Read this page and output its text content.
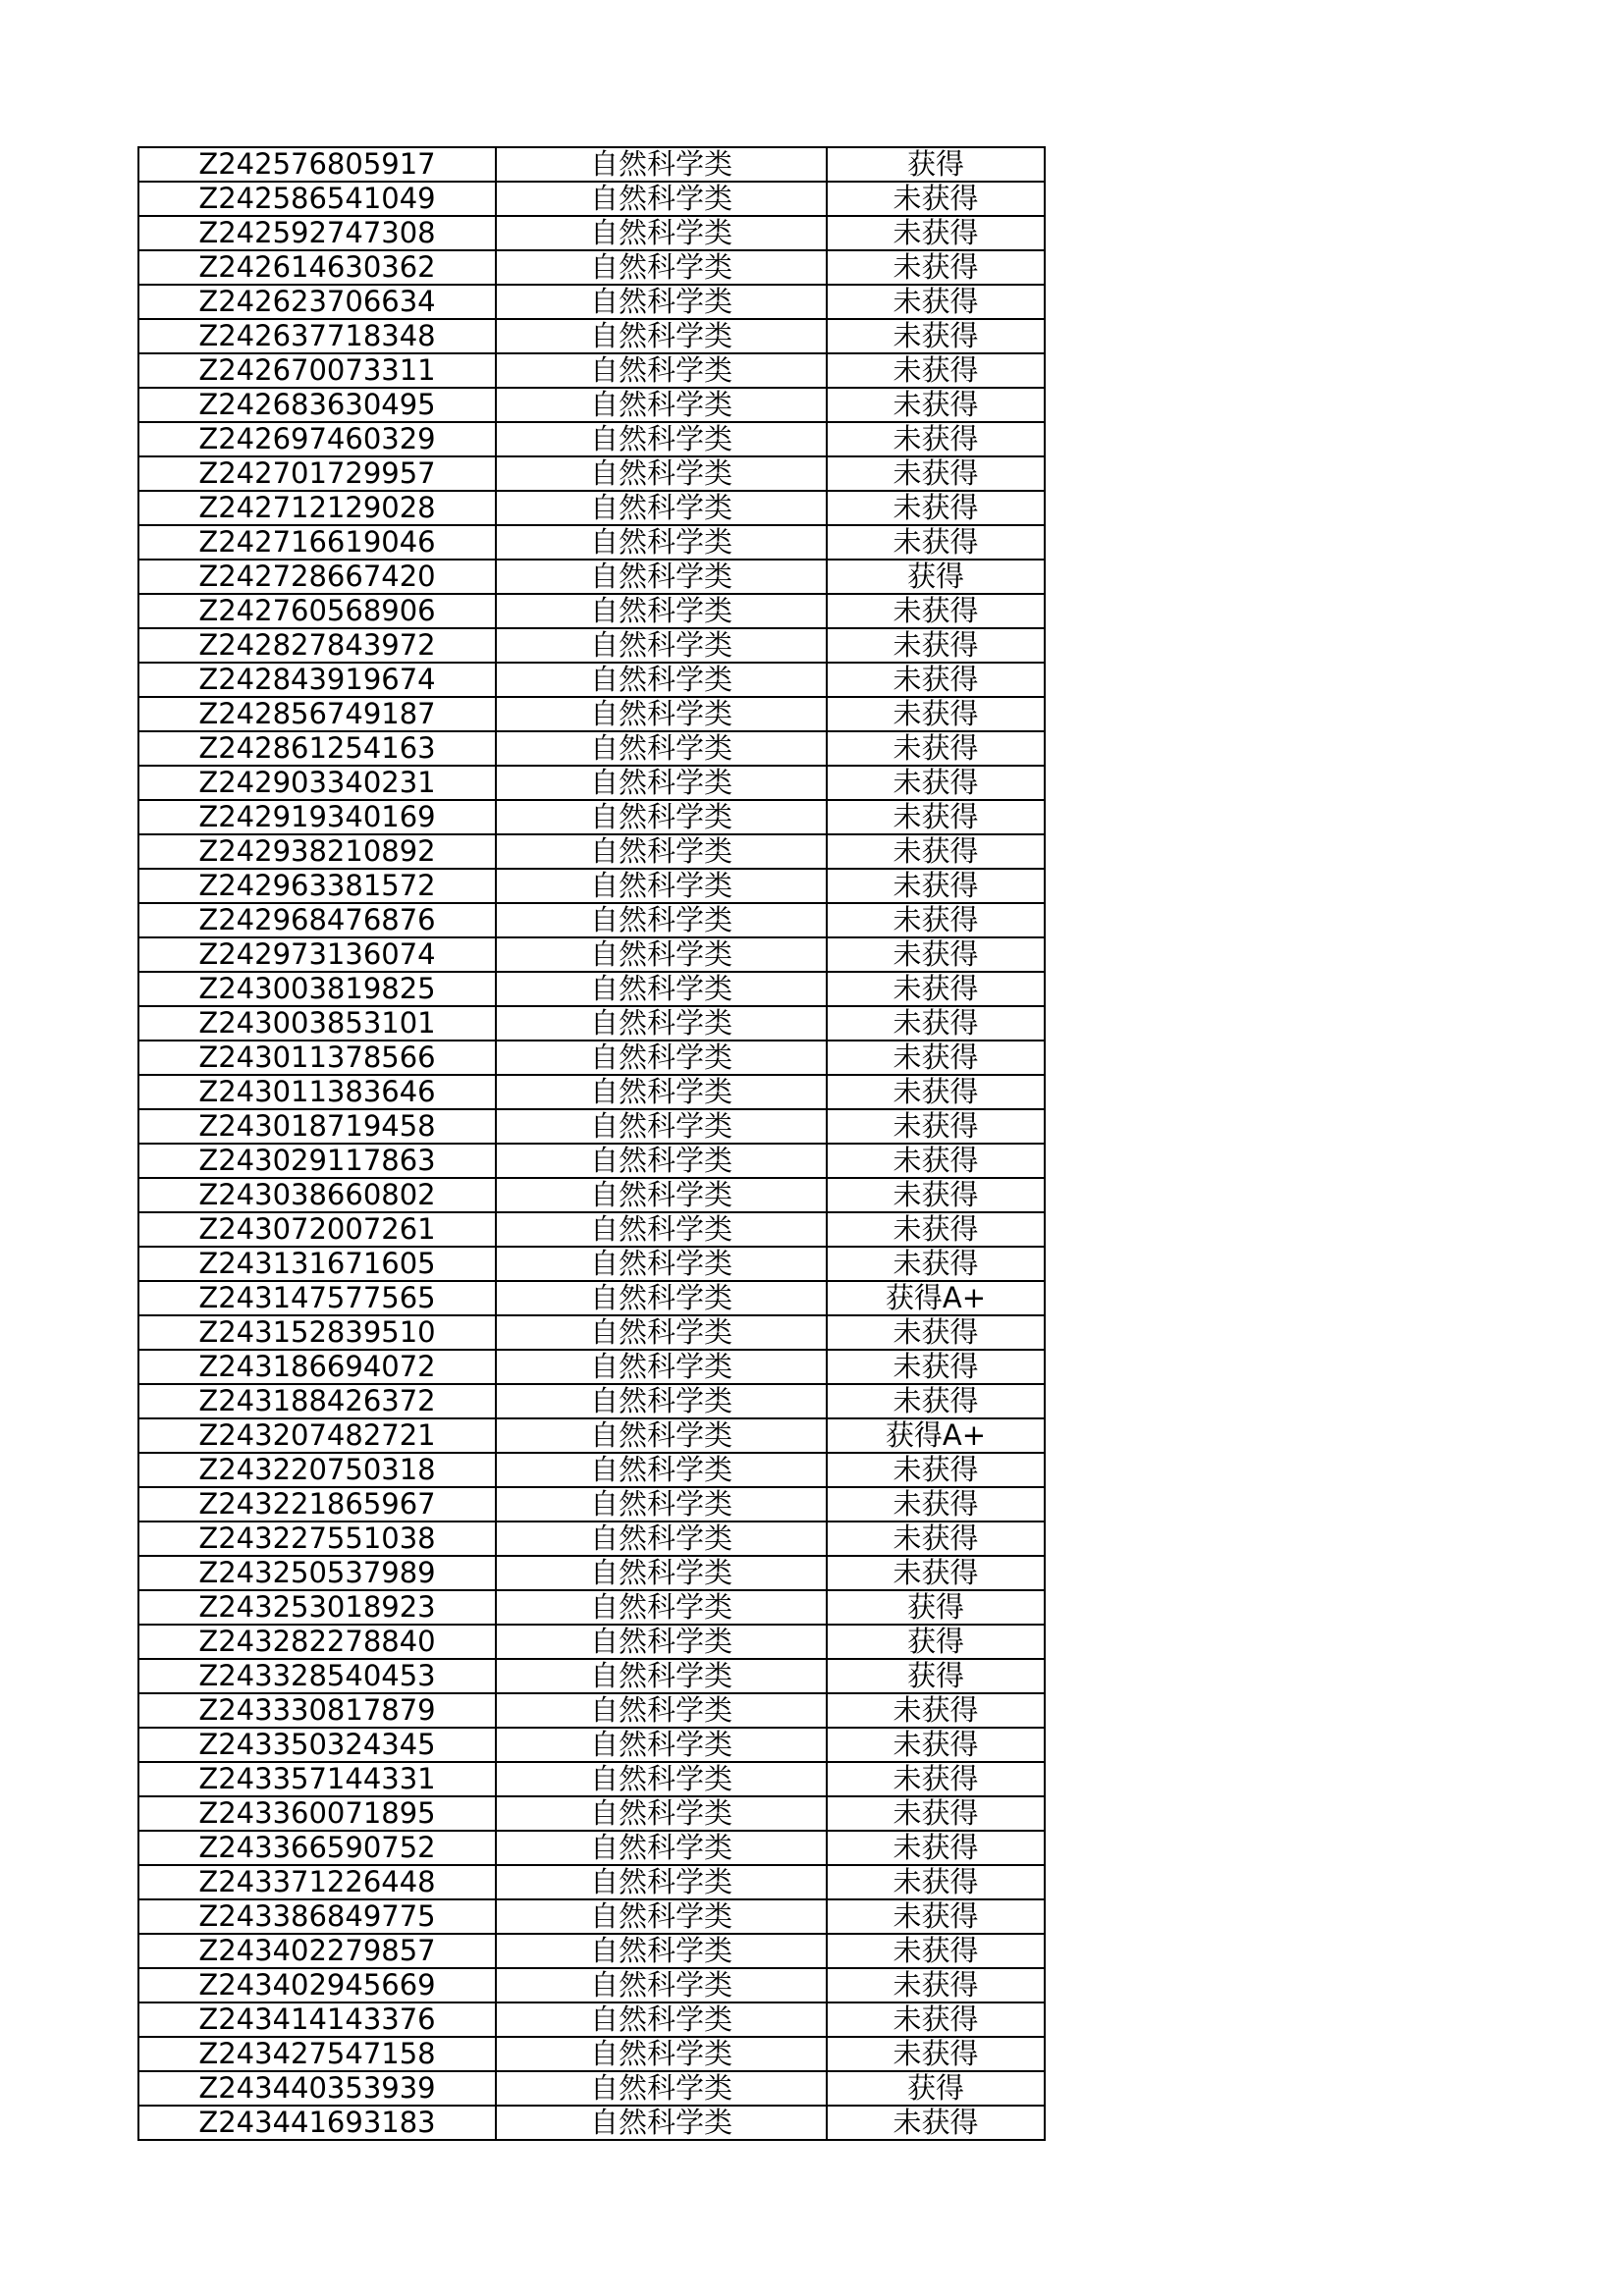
Z242576805917	自然科学类	获得
Z242586541049	自然科学类	未获得
Z242592747308	自然科学类	未获得
Z242614630362	自然科学类	未获得
Z242623706634	自然科学类	未获得
Z242637718348	自然科学类	未获得
Z242670073311	自然科学类	未获得
Z242683630495	自然科学类	未获得
Z242697460329	自然科学类	未获得
Z242701729957	自然科学类	未获得
Z242712129028	自然科学类	未获得
Z242716619046	自然科学类	未获得
Z242728667420	自然科学类	获得
Z242760568906	自然科学类	未获得
Z242827843972	自然科学类	未获得
Z242843919674	自然科学类	未获得
Z242856749187	自然科学类	未获得
Z242861254163	自然科学类	未获得
Z242903340231	自然科学类	未获得
Z242919340169	自然科学类	未获得
Z242938210892	自然科学类	未获得
Z242963381572	自然科学类	未获得
Z242968476876	自然科学类	未获得
Z242973136074	自然科学类	未获得
Z243003819825	自然科学类	未获得
Z243003853101	自然科学类	未获得
Z243011378566	自然科学类	未获得
Z243011383646	自然科学类	未获得
Z243018719458	自然科学类	未获得
Z243029117863	自然科学类	未获得
Z243038660802	自然科学类	未获得
Z243072007261	自然科学类	未获得
Z243131671605	自然科学类	未获得
Z243147577565	自然科学类	获得A+
Z243152839510	自然科学类	未获得
Z243186694072	自然科学类	未获得
Z243188426372	自然科学类	未获得
Z243207482721	自然科学类	获得A+
Z243220750318	自然科学类	未获得
Z243221865967	自然科学类	未获得
Z243227551038	自然科学类	未获得
Z243250537989	自然科学类	未获得
Z243253018923	自然科学类	获得
Z243282278840	自然科学类	获得
Z243328540453	自然科学类	获得
Z243330817879	自然科学类	未获得
Z243350324345	自然科学类	未获得
Z243357144331	自然科学类	未获得
Z243360071895	自然科学类	未获得
Z243366590752	自然科学类	未获得
Z243371226448	自然科学类	未获得
Z243386849775	自然科学类	未获得
Z243402279857	自然科学类	未获得
Z243402945669	自然科学类	未获得
Z243414143376	自然科学类	未获得
Z243427547158	自然科学类	未获得
Z243440353939	自然科学类	获得
Z243441693183	自然科学类	未获得
